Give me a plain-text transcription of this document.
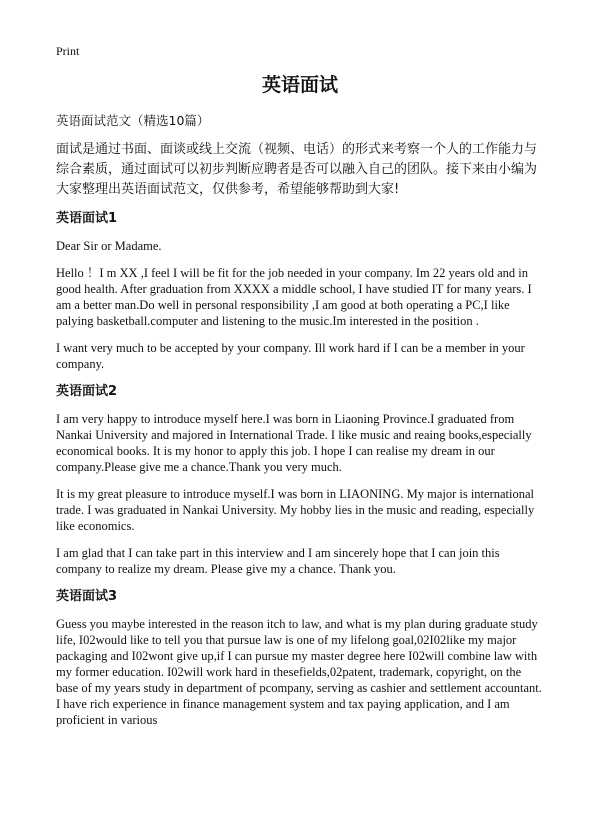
Print
英语面试
英语面试范文（精选10篇）

面试是通过书面、面谈或线上交流（视频、电话）的形式来考察一个人的工作能力与综合素质，通过面试可以初步判断应聘者是否可以融入自己的团队。接下来由小编为大家整理出英语面试范文，仅供参考，希望能够帮助到大家!

英语面试1

Dear Sir or Madame.

Hello ！I m XX ,I feel I will be fit for the job needed in your company. Im 22 years old and in good health. After graduation from XXXX a middle school, I have studied IT for many years. I am a better man.Do well in personal responsibility ,I am good at both operating a PC,I like palying basketball.computer and listening to the music.Im interested in the position .

I want very much to be accepted by your company. Ill work hard if I can be a member in your company.

英语面试2

I am very happy to introduce myself here.I was born in Liaoning Province.I graduated from Nankai University and majored in International Trade. I like music and reaing books,especially economical books. It is my honor to apply this job. I hope I can realise my dream in our company.Please give me a chance.Thank you very much.

It is my great pleasure to introduce myself.I was born in LIAONING. My major is international trade. I was graduated in Nankai University. My hobby lies in the music and reading, especially like economics.

I am glad that I can take part in this interview and I am sincerely hope that I can join this company to realize my dream. Please give my a chance. Thank you.

英语面试3

Guess you maybe interested in the reason itch to law, and what is my plan during graduate study life, I02would like to tell you that pursue law is one of my lifelong goal,02I02like my major packaging and I02wont give up,if I can pursue my master degree here I02will combine law with my former education. I02will work hard in thesefields,02patent, trademark, copyright, on the base of my years study in department of pcompany, serving as cashier and settlement accountant. I have rich experience in finance management system and tax paying application, and I am proficient in various
